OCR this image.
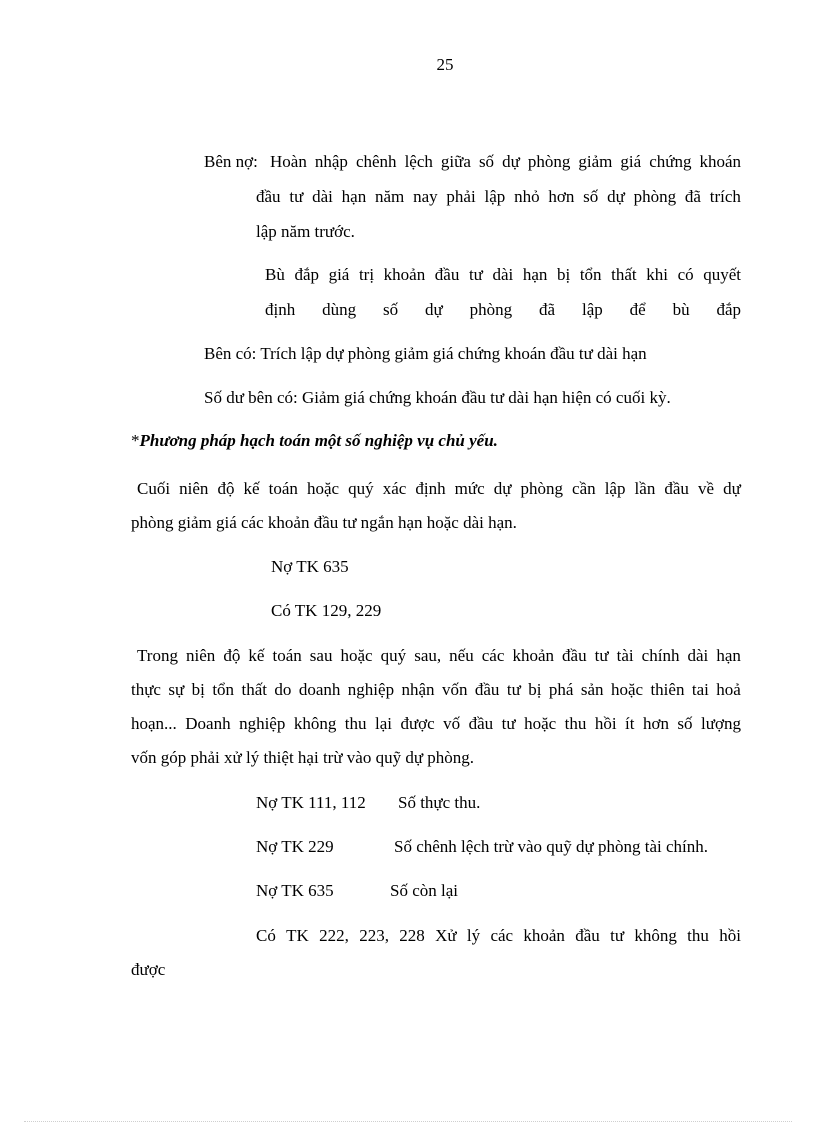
25
Bên nợ: Hoàn nhập chênh lệch giữa số dự phòng giảm giá chứng khoán
đầu tư dài hạn năm nay phải lập nhỏ hơn số dự phòng đã trích
lập năm trước.
Bù đắp giá trị khoản đầu tư dài hạn bị tổn thất khi có quyết
định dùng số dự phòng đã lập để bù đắp
Bên có: Trích lập dự phòng giảm giá chứng khoán đầu tư dài hạn
Số dư bên có: Giảm giá chứng khoán đầu tư dài hạn hiện có cuối kỳ.
*Phương pháp hạch toán một số nghiệp vụ chủ yếu.
Cuối niên độ kế toán hoặc quý xác định mức dự phòng cần lập lần đầu về dự
phòng giảm giá các khoản đầu tư ngắn hạn hoặc dài hạn.
Nợ TK 635
Có TK 129, 229
Trong niên độ kế toán sau hoặc quý sau, nếu các khoản đầu tư tài chính dài hạn
thực sự bị tổn thất do doanh nghiệp nhận vốn đầu tư bị phá sản hoặc thiên tai hoả
hoạn... Doanh nghiệp không thu lại được vố đầu tư hoặc thu hồi ít hơn số lượng
vốn góp phải xử lý thiệt hại trừ vào quỹ dự phòng.
Nợ TK 111, 112 Số thực thu.
Nợ TK 229	Số chênh lệch trừ vào quỹ dự phòng tài chính.
Nợ TK 635	Số còn lại
Có TK 222, 223, 228 Xử lý các khoản đầu tư không thu hồi
được
